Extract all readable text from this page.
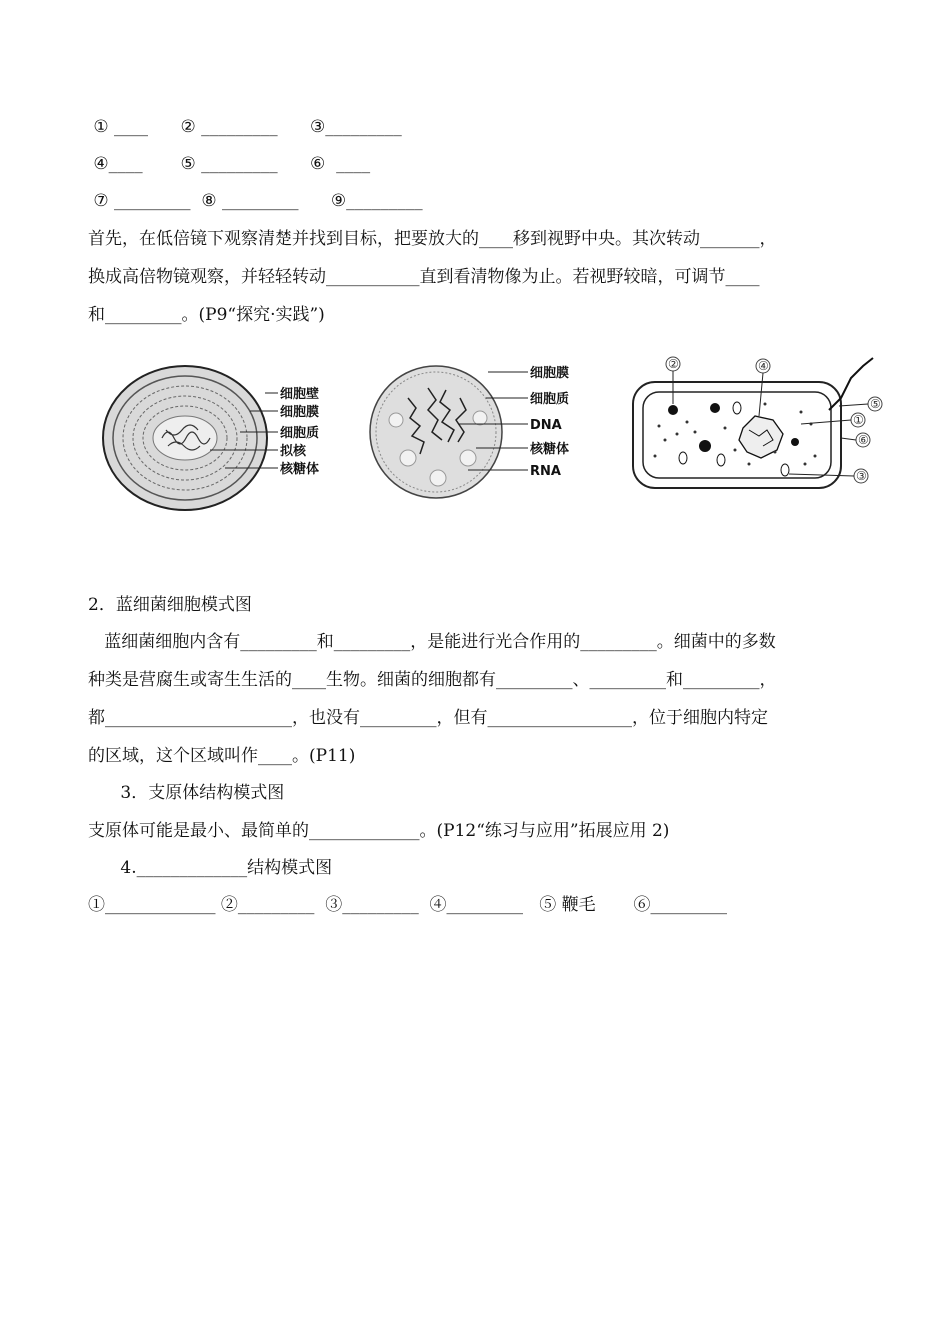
① ____      ② _________      ③_________
④____       ⑤ _________      ⑥  ____
⑦ _________  ⑧ _________      ⑨_________
首先，在低倍镜下观察清楚并找到目标，把要放大的____移到视野中央。其次转动_______，
换成高倍物镜观察，并轻轻转动___________直到看清物像为止。若视野较暗，可调节____
和_________。(P9“探究·实践”)
细胞壁
细胞膜
细胞质
拟核
核糖体
细胞膜
细胞质
DNA
核糖体
RNA
②	④
⑤
①
⑥
③
2．蓝细菌细胞模式图
蓝细菌细胞内含有_________和_________，是能进行光合作用的_________。细菌中的多数
种类是营腐生或寄生生活的____生物。细菌的细胞都有_________、_________和_________，
都______________________，也没有_________，但有_________________，位于细胞内特定
的区域，这个区域叫作____。(P11)
3．支原体结构模式图
支原体可能是最小、最简单的_____________。(P12“练习与应用”拓展应用 2)
4._____________结构模式图
①_____________ ②_________  ③_________  ④_________   ⑤ 鞭毛       ⑥_________
